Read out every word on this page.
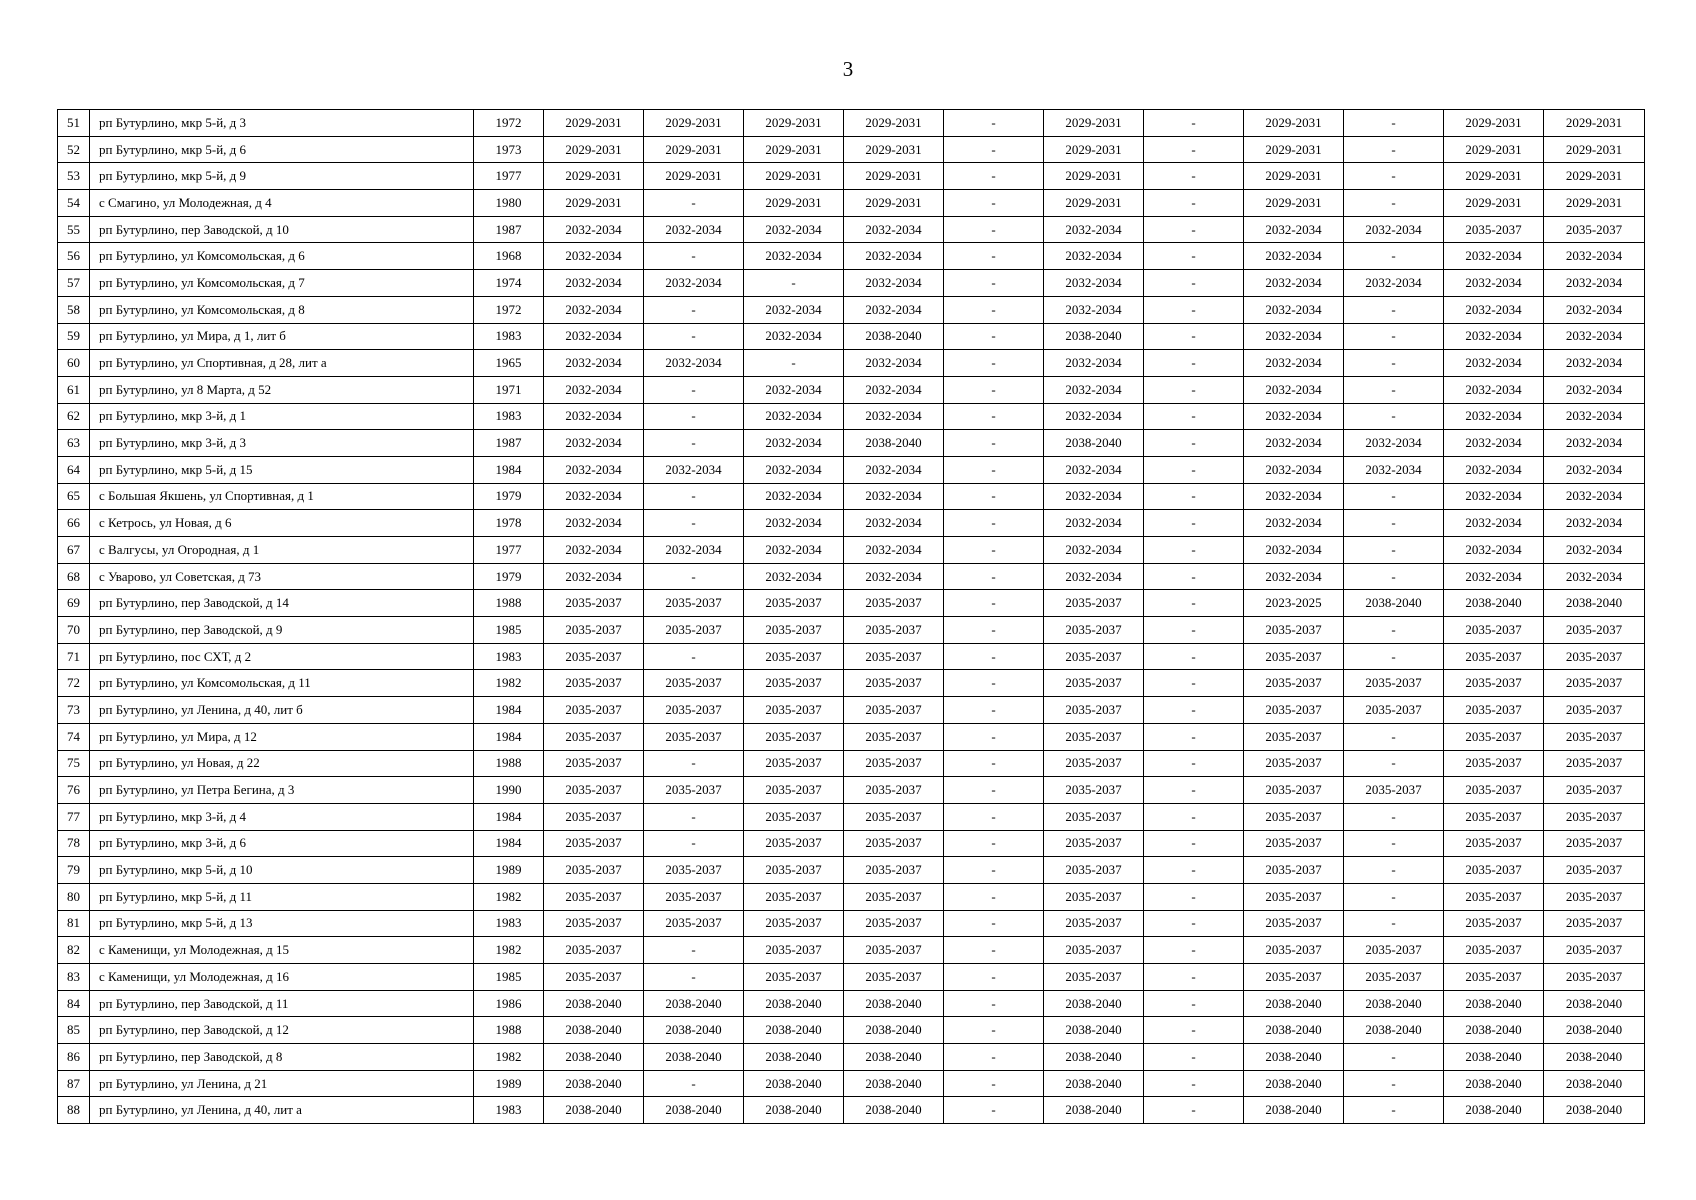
3
51	рп Бутурлино, мкр 5-й, д 3	1972	2029-2031	2029-2031	2029-2031	2029-2031	-	2029-2031	-	2029-2031	-	2029-2031	2029-2031
52	рп Бутурлино, мкр 5-й, д 6	1973	2029-2031	2029-2031	2029-2031	2029-2031	-	2029-2031	-	2029-2031	-	2029-2031	2029-2031
53	рп Бутурлино, мкр 5-й, д 9	1977	2029-2031	2029-2031	2029-2031	2029-2031	-	2029-2031	-	2029-2031	-	2029-2031	2029-2031
54	с Смагино, ул Молодежная, д 4	1980	2029-2031	-	2029-2031	2029-2031	-	2029-2031	-	2029-2031	-	2029-2031	2029-2031
55	рп Бутурлино, пер Заводской, д 10	1987	2032-2034	2032-2034	2032-2034	2032-2034	-	2032-2034	-	2032-2034	2032-2034	2035-2037	2035-2037
56	рп Бутурлино, ул Комсомольская, д 6	1968	2032-2034	-	2032-2034	2032-2034	-	2032-2034	-	2032-2034	-	2032-2034	2032-2034
57	рп Бутурлино, ул Комсомольская, д 7	1974	2032-2034	2032-2034	-	2032-2034	-	2032-2034	-	2032-2034	2032-2034	2032-2034	2032-2034
58	рп Бутурлино, ул Комсомольская, д 8	1972	2032-2034	-	2032-2034	2032-2034	-	2032-2034	-	2032-2034	-	2032-2034	2032-2034
59	рп Бутурлино, ул Мира, д 1, лит б	1983	2032-2034	-	2032-2034	2038-2040	-	2038-2040	-	2032-2034	-	2032-2034	2032-2034
60	рп Бутурлино, ул Спортивная, д 28, лит а	1965	2032-2034	2032-2034	-	2032-2034	-	2032-2034	-	2032-2034	-	2032-2034	2032-2034
61	рп Бутурлино, ул 8 Марта, д 52	1971	2032-2034	-	2032-2034	2032-2034	-	2032-2034	-	2032-2034	-	2032-2034	2032-2034
62	рп Бутурлино, мкр 3-й, д 1	1983	2032-2034	-	2032-2034	2032-2034	-	2032-2034	-	2032-2034	-	2032-2034	2032-2034
63	рп Бутурлино, мкр 3-й, д 3	1987	2032-2034	-	2032-2034	2038-2040	-	2038-2040	-	2032-2034	2032-2034	2032-2034	2032-2034
64	рп Бутурлино, мкр 5-й, д 15	1984	2032-2034	2032-2034	2032-2034	2032-2034	-	2032-2034	-	2032-2034	2032-2034	2032-2034	2032-2034
65	с Большая Якшень, ул Спортивная, д 1	1979	2032-2034	-	2032-2034	2032-2034	-	2032-2034	-	2032-2034	-	2032-2034	2032-2034
66	с Кетрось, ул Новая, д 6	1978	2032-2034	-	2032-2034	2032-2034	-	2032-2034	-	2032-2034	-	2032-2034	2032-2034
67	с Валгусы, ул Огородная, д 1	1977	2032-2034	2032-2034	2032-2034	2032-2034	-	2032-2034	-	2032-2034	-	2032-2034	2032-2034
68	с Уварово, ул Советская, д 73	1979	2032-2034	-	2032-2034	2032-2034	-	2032-2034	-	2032-2034	-	2032-2034	2032-2034
69	рп Бутурлино, пер Заводской, д 14	1988	2035-2037	2035-2037	2035-2037	2035-2037	-	2035-2037	-	2023-2025	2038-2040	2038-2040	2038-2040
70	рп Бутурлино, пер Заводской, д 9	1985	2035-2037	2035-2037	2035-2037	2035-2037	-	2035-2037	-	2035-2037	-	2035-2037	2035-2037
71	рп Бутурлино, пос СХТ, д 2	1983	2035-2037	-	2035-2037	2035-2037	-	2035-2037	-	2035-2037	-	2035-2037	2035-2037
72	рп Бутурлино, ул Комсомольская, д 11	1982	2035-2037	2035-2037	2035-2037	2035-2037	-	2035-2037	-	2035-2037	2035-2037	2035-2037	2035-2037
73	рп Бутурлино, ул Ленина, д 40, лит б	1984	2035-2037	2035-2037	2035-2037	2035-2037	-	2035-2037	-	2035-2037	2035-2037	2035-2037	2035-2037
74	рп Бутурлино, ул Мира, д 12	1984	2035-2037	2035-2037	2035-2037	2035-2037	-	2035-2037	-	2035-2037	-	2035-2037	2035-2037
75	рп Бутурлино, ул Новая, д 22	1988	2035-2037	-	2035-2037	2035-2037	-	2035-2037	-	2035-2037	-	2035-2037	2035-2037
76	рп Бутурлино, ул Петра Бегина, д 3	1990	2035-2037	2035-2037	2035-2037	2035-2037	-	2035-2037	-	2035-2037	2035-2037	2035-2037	2035-2037
77	рп Бутурлино, мкр 3-й, д 4	1984	2035-2037	-	2035-2037	2035-2037	-	2035-2037	-	2035-2037	-	2035-2037	2035-2037
78	рп Бутурлино, мкр 3-й, д 6	1984	2035-2037	-	2035-2037	2035-2037	-	2035-2037	-	2035-2037	-	2035-2037	2035-2037
79	рп Бутурлино, мкр 5-й, д 10	1989	2035-2037	2035-2037	2035-2037	2035-2037	-	2035-2037	-	2035-2037	-	2035-2037	2035-2037
80	рп Бутурлино, мкр 5-й, д 11	1982	2035-2037	2035-2037	2035-2037	2035-2037	-	2035-2037	-	2035-2037	-	2035-2037	2035-2037
81	рп Бутурлино, мкр 5-й, д 13	1983	2035-2037	2035-2037	2035-2037	2035-2037	-	2035-2037	-	2035-2037	-	2035-2037	2035-2037
82	с Каменищи, ул Молодежная, д 15	1982	2035-2037	-	2035-2037	2035-2037	-	2035-2037	-	2035-2037	2035-2037	2035-2037	2035-2037
83	с Каменищи, ул Молодежная, д 16	1985	2035-2037	-	2035-2037	2035-2037	-	2035-2037	-	2035-2037	2035-2037	2035-2037	2035-2037
84	рп Бутурлино, пер Заводской, д 11	1986	2038-2040	2038-2040	2038-2040	2038-2040	-	2038-2040	-	2038-2040	2038-2040	2038-2040	2038-2040
85	рп Бутурлино, пер Заводской, д 12	1988	2038-2040	2038-2040	2038-2040	2038-2040	-	2038-2040	-	2038-2040	2038-2040	2038-2040	2038-2040
86	рп Бутурлино, пер Заводской, д 8	1982	2038-2040	2038-2040	2038-2040	2038-2040	-	2038-2040	-	2038-2040	-	2038-2040	2038-2040
87	рп Бутурлино, ул Ленина, д 21	1989	2038-2040	-	2038-2040	2038-2040	-	2038-2040	-	2038-2040	-	2038-2040	2038-2040
88	рп Бутурлино, ул Ленина, д 40, лит а	1983	2038-2040	2038-2040	2038-2040	2038-2040	-	2038-2040	-	2038-2040	-	2038-2040	2038-2040
